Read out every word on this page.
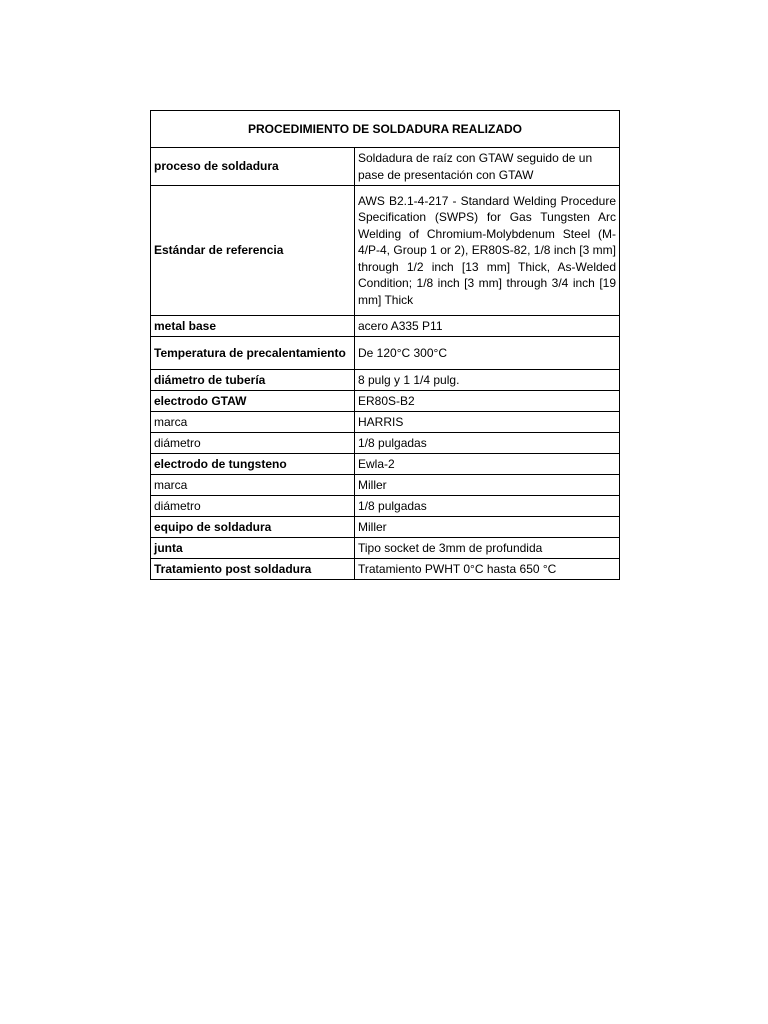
PROCEDIMIENTO DE SOLDADURA REALIZADO	
proceso de soldadura	Soldadura de raíz con GTAW seguido de un pase de presentación con GTAW
Estándar de referencia	AWS B2.1-4-217 - Standard Welding Procedure Specification (SWPS) for Gas Tungsten Arc Welding of Chromium-Molybdenum Steel (M-4/P-4, Group 1 or 2), ER80S-82, 1/8 inch [3 mm] through 1/2 inch [13 mm] Thick, As-Welded Condition; 1/8 inch [3 mm] through 3/4 inch [19 mm] Thick
metal base	acero A335 P11
Temperatura de precalentamiento	De 120°C 300°C
diámetro de tubería	8 pulg y 1 1/4 pulg.
electrodo GTAW	ER80S-B2
marca	HARRIS
diámetro	1/8 pulgadas
electrodo de tungsteno	Ewla-2
marca	Miller
diámetro	1/8 pulgadas
equipo de soldadura	Miller
junta	Tipo socket de 3mm de profundida
Tratamiento post soldadura	Tratamiento PWHT 0°C hasta 650 °C
